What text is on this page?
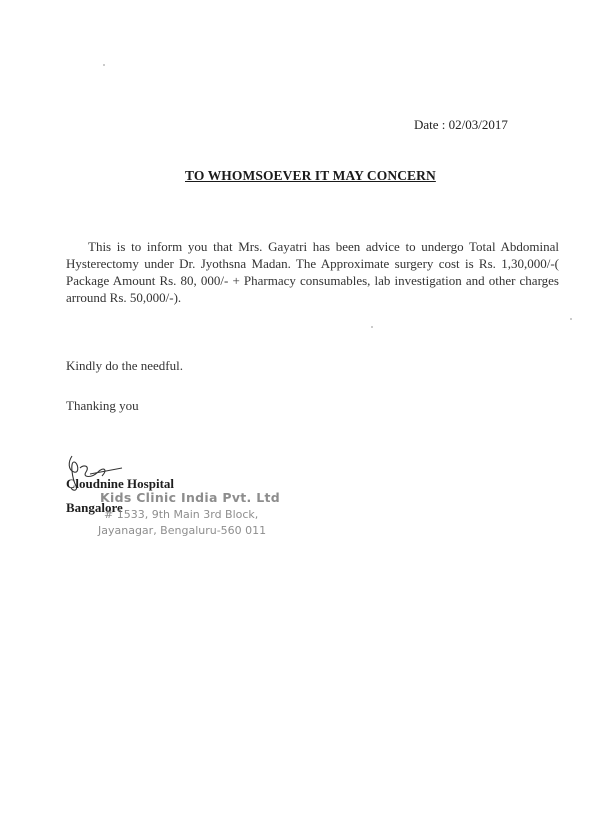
Date : 02/03/2017
TO WHOMSOEVER IT MAY CONCERN
This is to inform you that Mrs. Gayatri has been advice to undergo Total Abdominal Hysterectomy under Dr. Jyothsna Madan. The Approximate surgery cost is Rs. 1,30,000/-( Package Amount Rs. 80, 000/- + Pharmacy consumables, lab investigation and other charges arround Rs. 50,000/-).
Kindly do the needful.
Thanking you
Cloudnine Hospital
Bangalore
Kids Clinic India Pvt. Ltd
# 1533, 9th Main 3rd Block,
Jayanagar, Bengaluru-560 011
